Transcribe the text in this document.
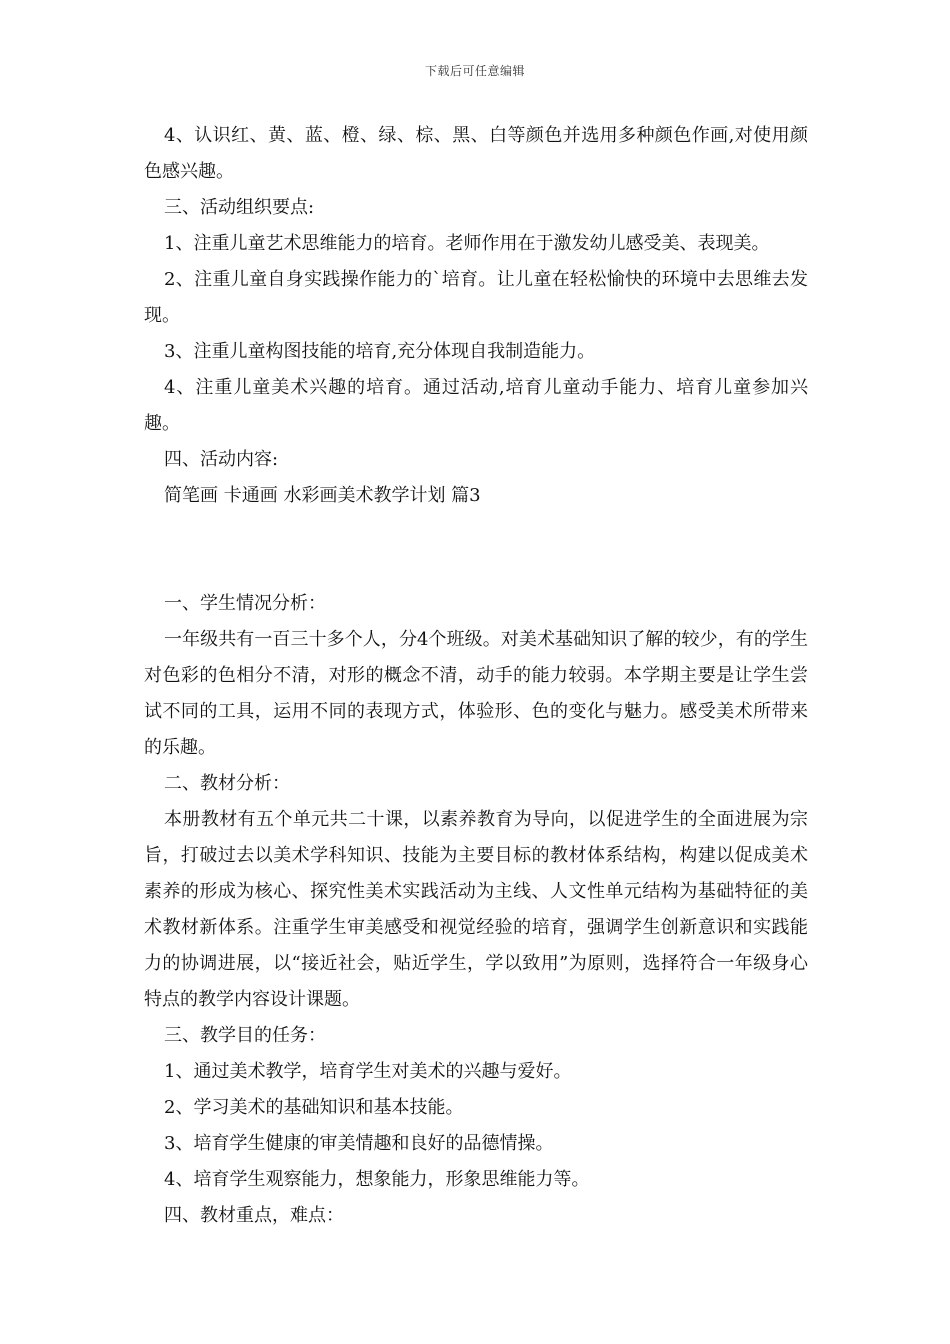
下载后可任意编辑

4、认识红、黄、蓝、橙、绿、棕、黑、白等颜色并选用多种颜色作画,对使用颜色感兴趣。

三、活动组织要点:

1、注重儿童艺术思维能力的培育。老师作用在于激发幼儿感受美、表现美。

2、注重儿童自身实践操作能力的`培育。让儿童在轻松愉快的环境中去思维去发现。

3、注重儿童构图技能的培育,充分体现自我制造能力。

4、注重儿童美术兴趣的培育。通过活动,培育儿童动手能力、培育儿童参加兴趣。

四、活动内容:

简笔画 卡通画 水彩画美术教学计划 篇3

一、学生情况分析：

一年级共有一百三十多个人，分4个班级。对美术基础知识了解的较少，有的学生对色彩的色相分不清，对形的概念不清，动手的能力较弱。本学期主要是让学生尝试不同的工具，运用不同的表现方式，体验形、色的变化与魅力。感受美术所带来的乐趣。

二、教材分析：

本册教材有五个单元共二十课，以素养教育为导向，以促进学生的全面进展为宗旨，打破过去以美术学科知识、技能为主要目标的教材体系结构，构建以促成美术素养的形成为核心、探究性美术实践活动为主线、人文性单元结构为基础特征的美术教材新体系。注重学生审美感受和视觉经验的培育，强调学生创新意识和实践能力的协调进展，以“接近社会，贴近学生，学以致用”为原则，选择符合一年级身心特点的教学内容设计课题。

三、教学目的任务：

1、通过美术教学，培育学生对美术的兴趣与爱好。

2、学习美术的基础知识和基本技能。

3、培育学生健康的审美情趣和良好的品德情操。

4、培育学生观察能力，想象能力，形象思维能力等。

四、教材重点，难点：
